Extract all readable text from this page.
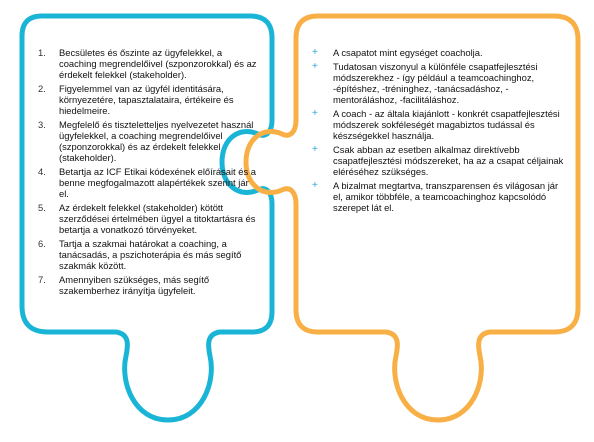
1. Becsületes és őszinte az ügyfelekkel, a coaching megrendelőivel (szponzorokkal) és az érdekelt felekkel (stakeholder).
2. Figyelemmel van az ügyfél identitására, környezetére, tapasztalataira, értékeire és hiedelmeire.
3. Megfelelő és tiszteletteljes nyelvezetet használ ügyfelekkel, a coaching megrendelőivel (szponzorokkal) és az érdekelt felekkel (stakeholder).
4. Betartja az ICF Etikai kódexének előírásait és a benne megfogalmazott alapértékek szerint jár el.
5. Az érdekelt felekkel (stakeholder) kötött szerződései értelmében ügyel a titoktartásra és betartja a vonatkozó törvényeket.
6. Tartja a szakmai határokat a coaching, a tanácsadás, a pszichoterápia és más segítő szakmák között.
7. Amennyiben szükséges, más segítő szakemberhez irányítja ügyfeleit.
+ A csapatot mint egységet coacholja.
+ Tudatosan viszonyul a különféle csapatfejlesztési módszerekhez - így például a teamcoachinghoz, -építéshez, -tréninghez, -tanácsadáshoz, -mentoráláshoz, -facilitáláshoz.
+ A coach - az általa kiajánlott - konkrét csapatfejlesztési módszerek sokféleségét magabiztos tudással és készségekkel használja.
+ Csak abban az esetben alkalmaz direktívebb csapatfejlesztési módszereket, ha az a csapat céljainak eléréséhez szükséges.
+ A bizalmat megtartva, transzparensen és világosan jár el, amikor többféle, a teamcoachinghoz kapcsolódó szerepet lát el.
